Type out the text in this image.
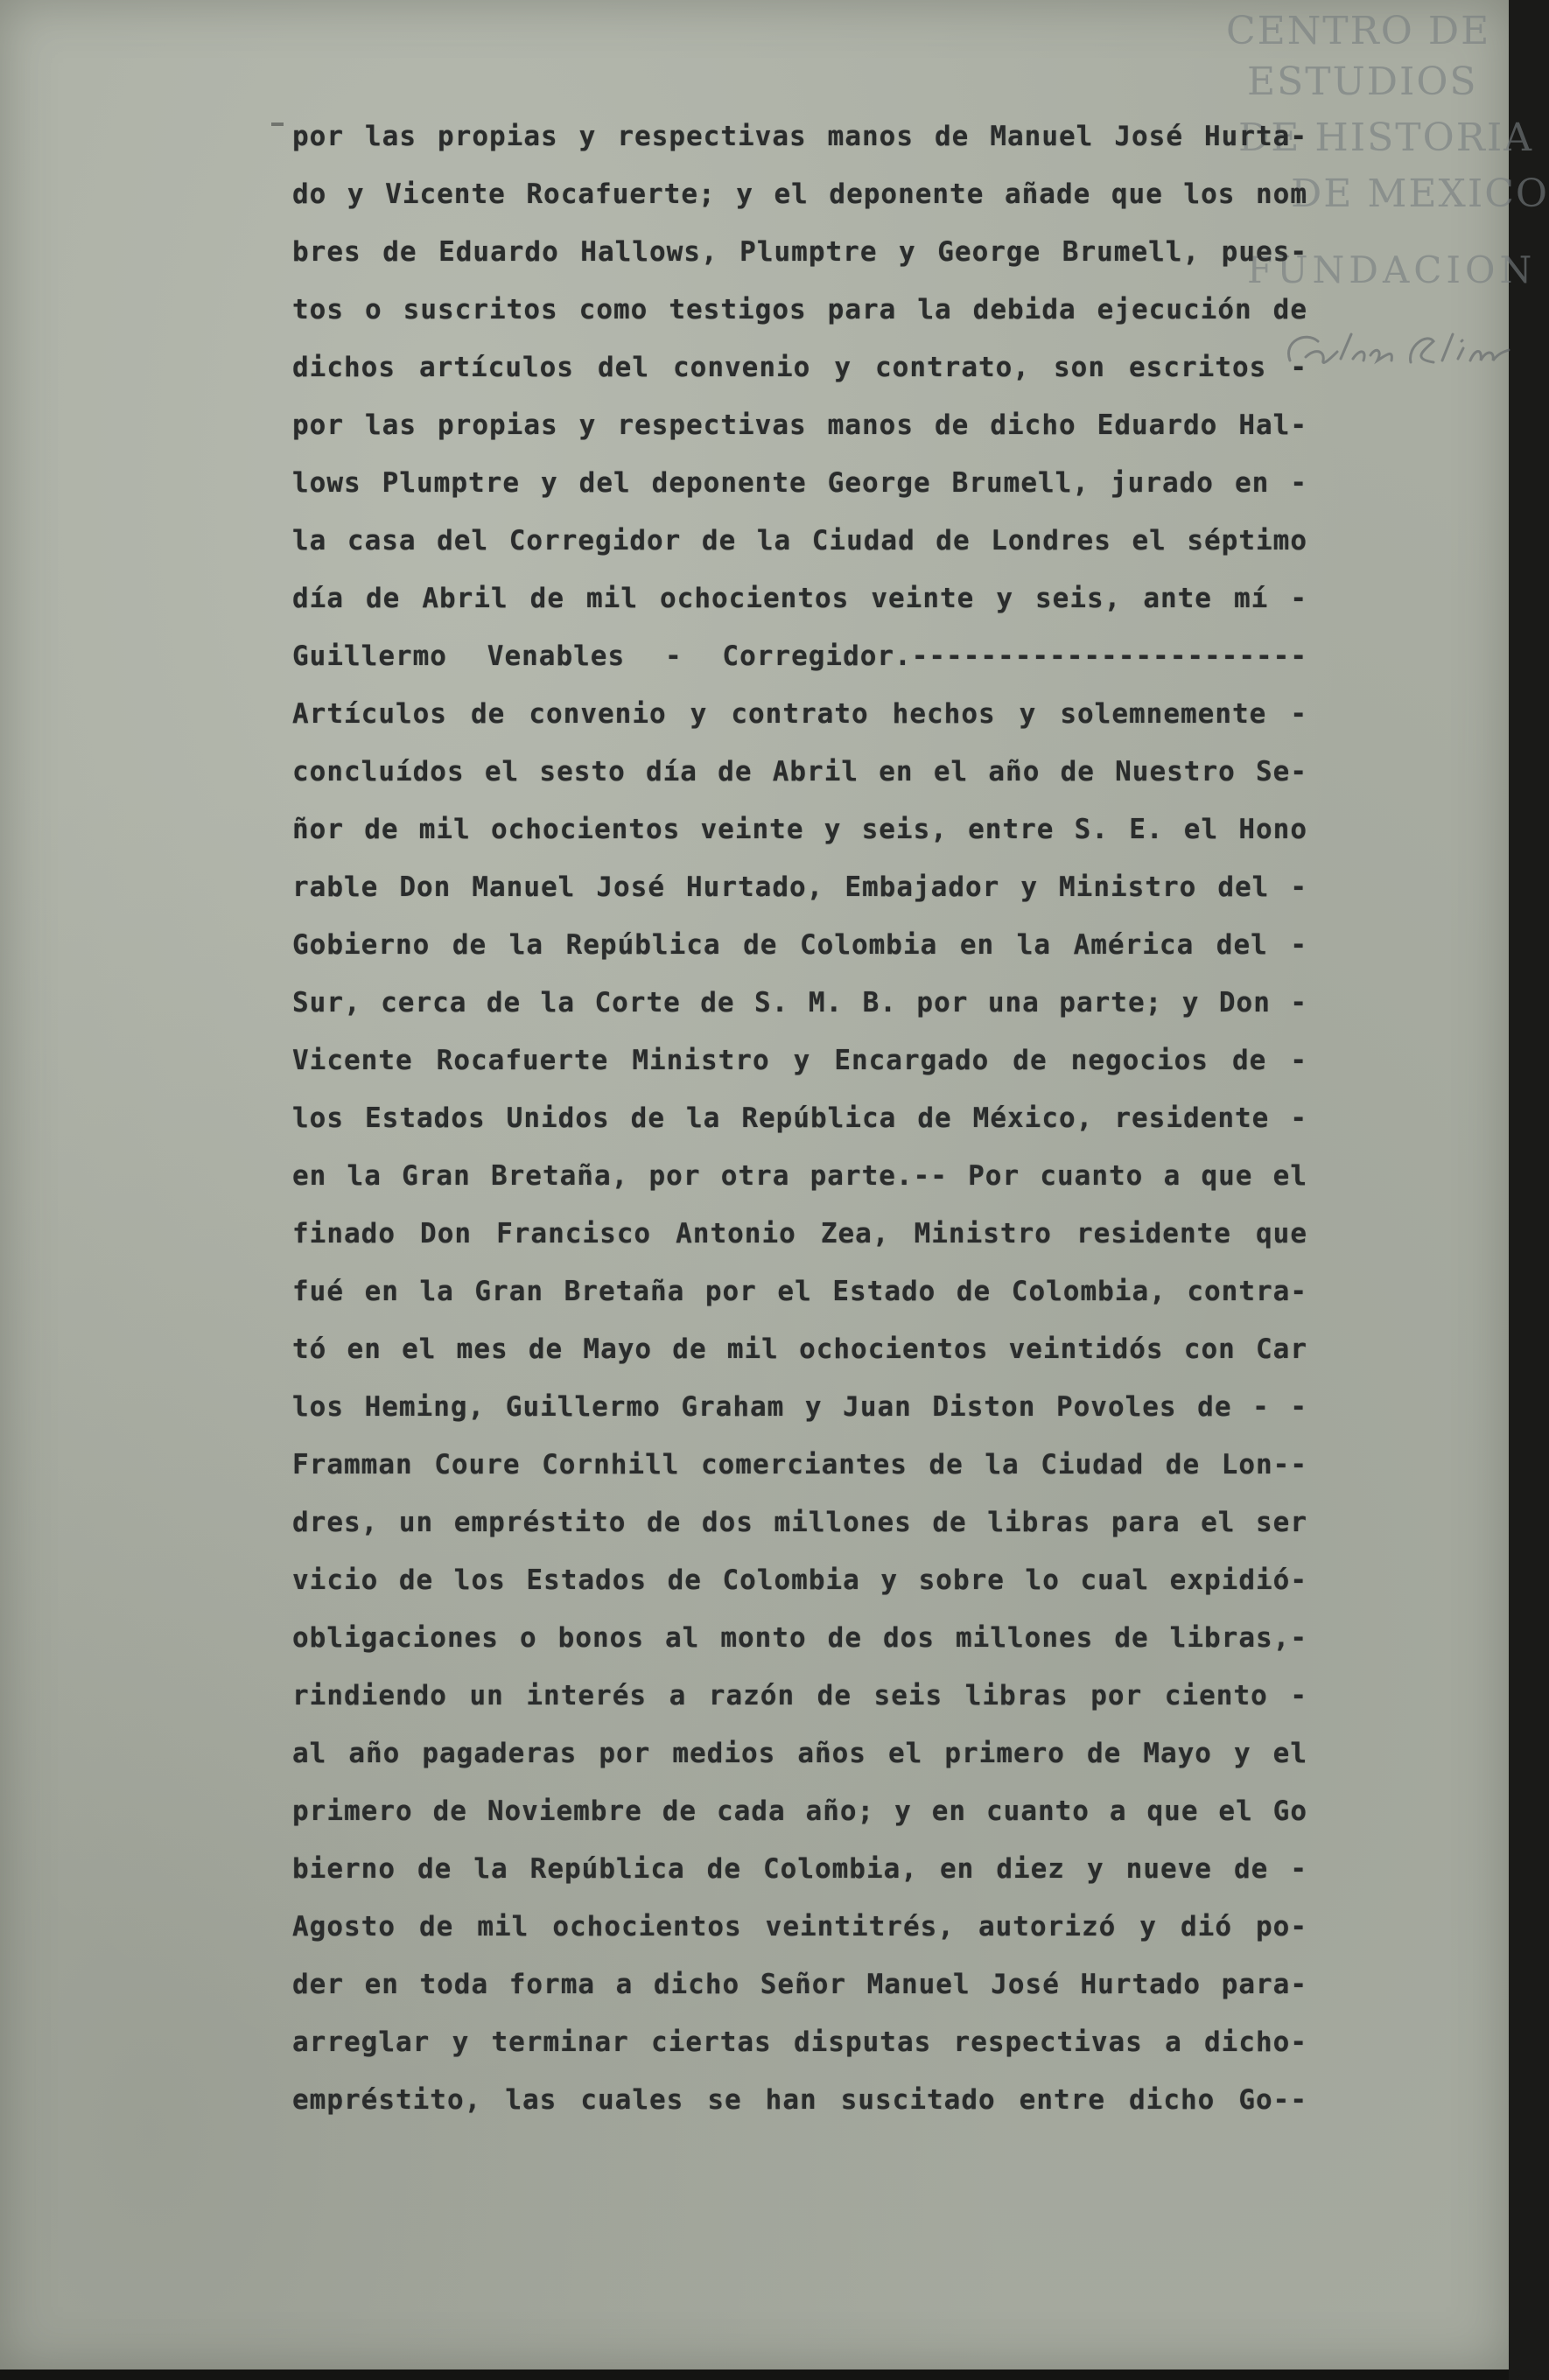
CENTRO DE
ESTUDIOS
DE HISTORIA
DE MEXICO
FUNDACION
por las propias y respectivas manos de Manuel José Hurta-
do y Vicente Rocafuerte; y el deponente añade que los nom
bres de Eduardo Hallows, Plumptre y George Brumell, pues-
tos o suscritos como testigos para la debida ejecución de
dichos artículos del convenio y contrato, son escritos -
por las propias y respectivas manos de dicho Eduardo Hal-
lows Plumptre y del deponente George Brumell, jurado en -
la casa del Corregidor de la Ciudad de Londres el séptimo
día de Abril de mil ochocientos veinte y seis, ante mí -
Guillermo Venables - Corregidor.-----------------------
Artículos de convenio y contrato hechos y solemnemente -
concluídos el sesto día de Abril en el año de Nuestro Se-
ñor de mil ochocientos veinte y seis, entre S. E. el Hono
rable Don Manuel José Hurtado, Embajador y Ministro del -
Gobierno de la República de Colombia en la América del -
Sur, cerca de la Corte de S. M. B. por una parte; y Don -
Vicente Rocafuerte Ministro y Encargado de negocios de -
los Estados Unidos de la República de México, residente -
en la Gran Bretaña, por otra parte.-- Por cuanto a que el
finado Don Francisco Antonio Zea, Ministro residente que
fué en la Gran Bretaña por el Estado de Colombia, contra-
tó en el mes de Mayo de mil ochocientos veintidós con Car
los Heming, Guillermo Graham y Juan Diston Povoles de - -
Framman Coure Cornhill comerciantes de la Ciudad de Lon--
dres, un empréstito de dos millones de libras para el ser
vicio de los Estados de Colombia y sobre lo cual expidió-
obligaciones o bonos al monto de dos millones de libras,-
rindiendo un interés a razón de seis libras por ciento -
al año pagaderas por medios años el primero de Mayo y el
primero de Noviembre de cada año; y en cuanto a que el Go
bierno de la República de Colombia, en diez y nueve de -
Agosto de mil ochocientos veintitrés, autorizó y dió po-
der en toda forma a dicho Señor Manuel José Hurtado para-
arreglar y terminar ciertas disputas respectivas a dicho-
empréstito, las cuales se han suscitado entre dicho Go--
